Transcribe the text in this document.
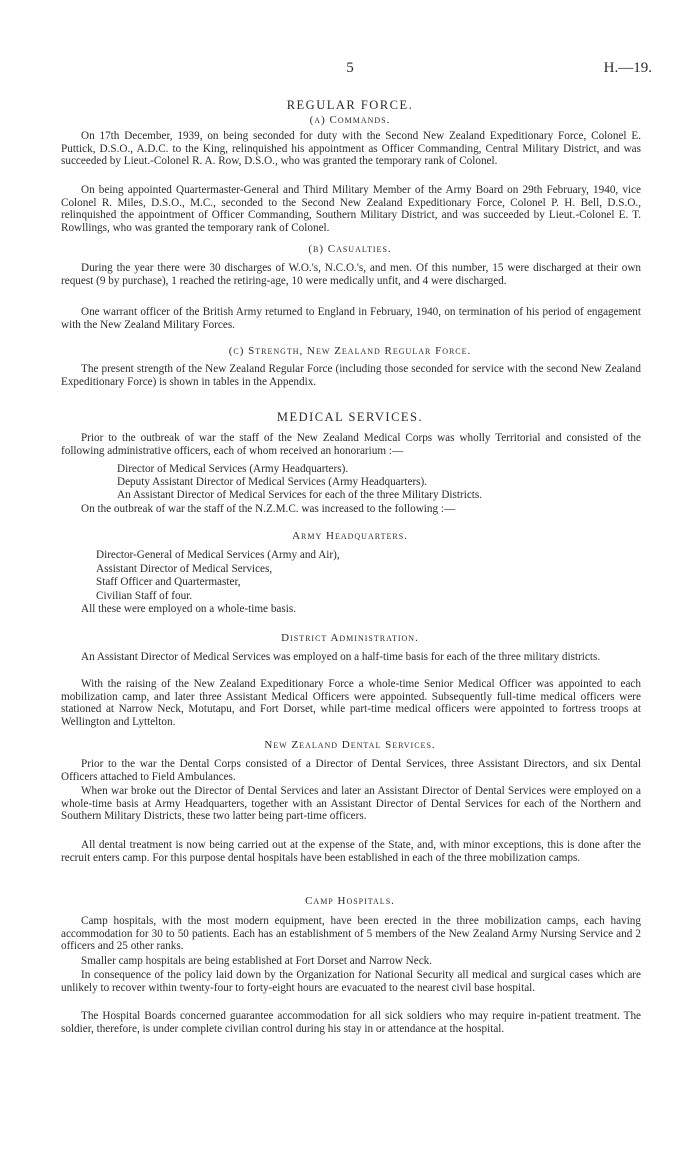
5	H.—19.
REGULAR FORCE.
(a) Commands.
On 17th December, 1939, on being seconded for duty with the Second New Zealand Expeditionary Force, Colonel E. Puttick, D.S.O., A.D.C. to the King, relinquished his appointment as Officer Commanding, Central Military District, and was succeeded by Lieut.-Colonel R. A. Row, D.S.O., who was granted the temporary rank of Colonel.
On being appointed Quartermaster-General and Third Military Member of the Army Board on 29th February, 1940, vice Colonel R. Miles, D.S.O., M.C., seconded to the Second New Zealand Expeditionary Force, Colonel P. H. Bell, D.S.O., relinquished the appointment of Officer Commanding, Southern Military District, and was succeeded by Lieut.-Colonel E. T. Rowllings, who was granted the temporary rank of Colonel.
(b) Casualties.
During the year there were 30 discharges of W.O.'s, N.C.O.'s, and men. Of this number, 15 were discharged at their own request (9 by purchase), 1 reached the retiring-age, 10 were medically unfit, and 4 were discharged.
One warrant officer of the British Army returned to England in February, 1940, on termination of his period of engagement with the New Zealand Military Forces.
(c) Strength, New Zealand Regular Force.
The present strength of the New Zealand Regular Force (including those seconded for service with the second New Zealand Expeditionary Force) is shown in tables in the Appendix.
MEDICAL SERVICES.
Prior to the outbreak of war the staff of the New Zealand Medical Corps was wholly Territorial and consisted of the following administrative officers, each of whom received an honorarium :—
Director of Medical Services (Army Headquarters).
Deputy Assistant Director of Medical Services (Army Headquarters).
An Assistant Director of Medical Services for each of the three Military Districts.
On the outbreak of war the staff of the N.Z.M.C. was increased to the following :—
Army Headquarters.
Director-General of Medical Services (Army and Air),
Assistant Director of Medical Services,
Staff Officer and Quartermaster,
Civilian Staff of four.
All these were employed on a whole-time basis.
District Administration.
An Assistant Director of Medical Services was employed on a half-time basis for each of the three military districts.
With the raising of the New Zealand Expeditionary Force a whole-time Senior Medical Officer was appointed to each mobilization camp, and later three Assistant Medical Officers were appointed. Subsequently full-time medical officers were stationed at Narrow Neck, Motutapu, and Fort Dorset, while part-time medical officers were appointed to fortress troops at Wellington and Lyttelton.
New Zealand Dental Services.
Prior to the war the Dental Corps consisted of a Director of Dental Services, three Assistant Directors, and six Dental Officers attached to Field Ambulances.
When war broke out the Director of Dental Services and later an Assistant Director of Dental Services were employed on a whole-time basis at Army Headquarters, together with an Assistant Director of Dental Services for each of the Northern and Southern Military Districts, these two latter being part-time officers.
All dental treatment is now being carried out at the expense of the State, and, with minor exceptions, this is done after the recruit enters camp. For this purpose dental hospitals have been established in each of the three mobilization camps.
Camp Hospitals.
Camp hospitals, with the most modern equipment, have been erected in the three mobilization camps, each having accommodation for 30 to 50 patients. Each has an establishment of 5 members of the New Zealand Army Nursing Service and 2 officers and 25 other ranks.
Smaller camp hospitals are being established at Fort Dorset and Narrow Neck.
In consequence of the policy laid down by the Organization for National Security all medical and surgical cases which are unlikely to recover within twenty-four to forty-eight hours are evacuated to the nearest civil base hospital.
The Hospital Boards concerned guarantee accommodation for all sick soldiers who may require in-patient treatment. The soldier, therefore, is under complete civilian control during his stay in or attendance at the hospital.
